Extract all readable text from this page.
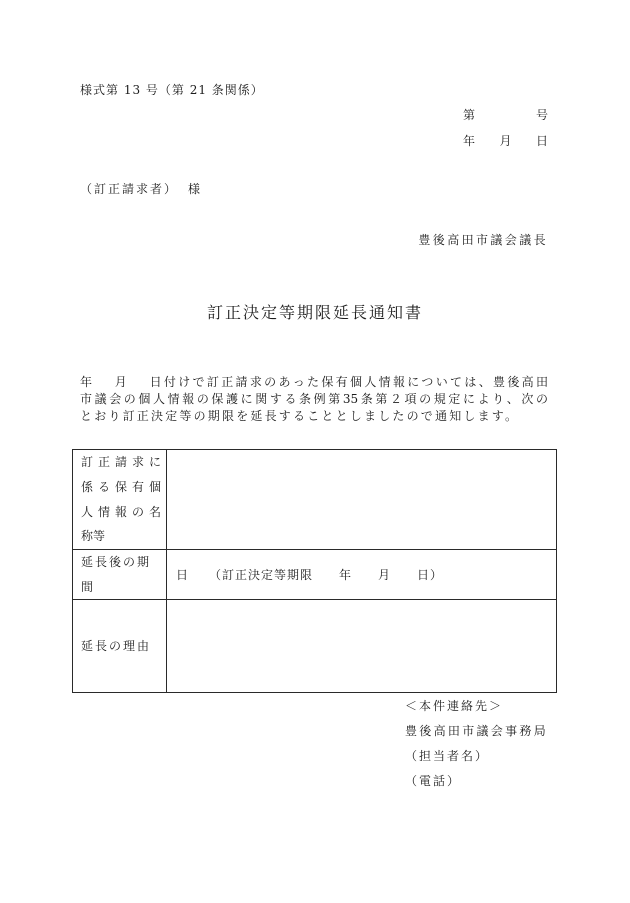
様式第 13 号（第 21 条関係）
第	号
年 月 日
（訂正請求者） 様
豊後高田市議会議長
訂正決定等期限延長通知書
年　 月　 日付けで訂正請求のあった保有個人情報については、豊後高田
市議会の個人情報の保護に関する条例第35条第２項の規定により、次の
とおり訂正決定等の期限を延長することとしましたので通知します。
訂正請求に
係る保有個
人情報の名
称等
延長後の期
間
日　　（訂正決定等期限　　年　　月　　日）
延長の理由
＜本件連絡先＞
豊後高田市議会事務局
（担当者名）
（電話）
